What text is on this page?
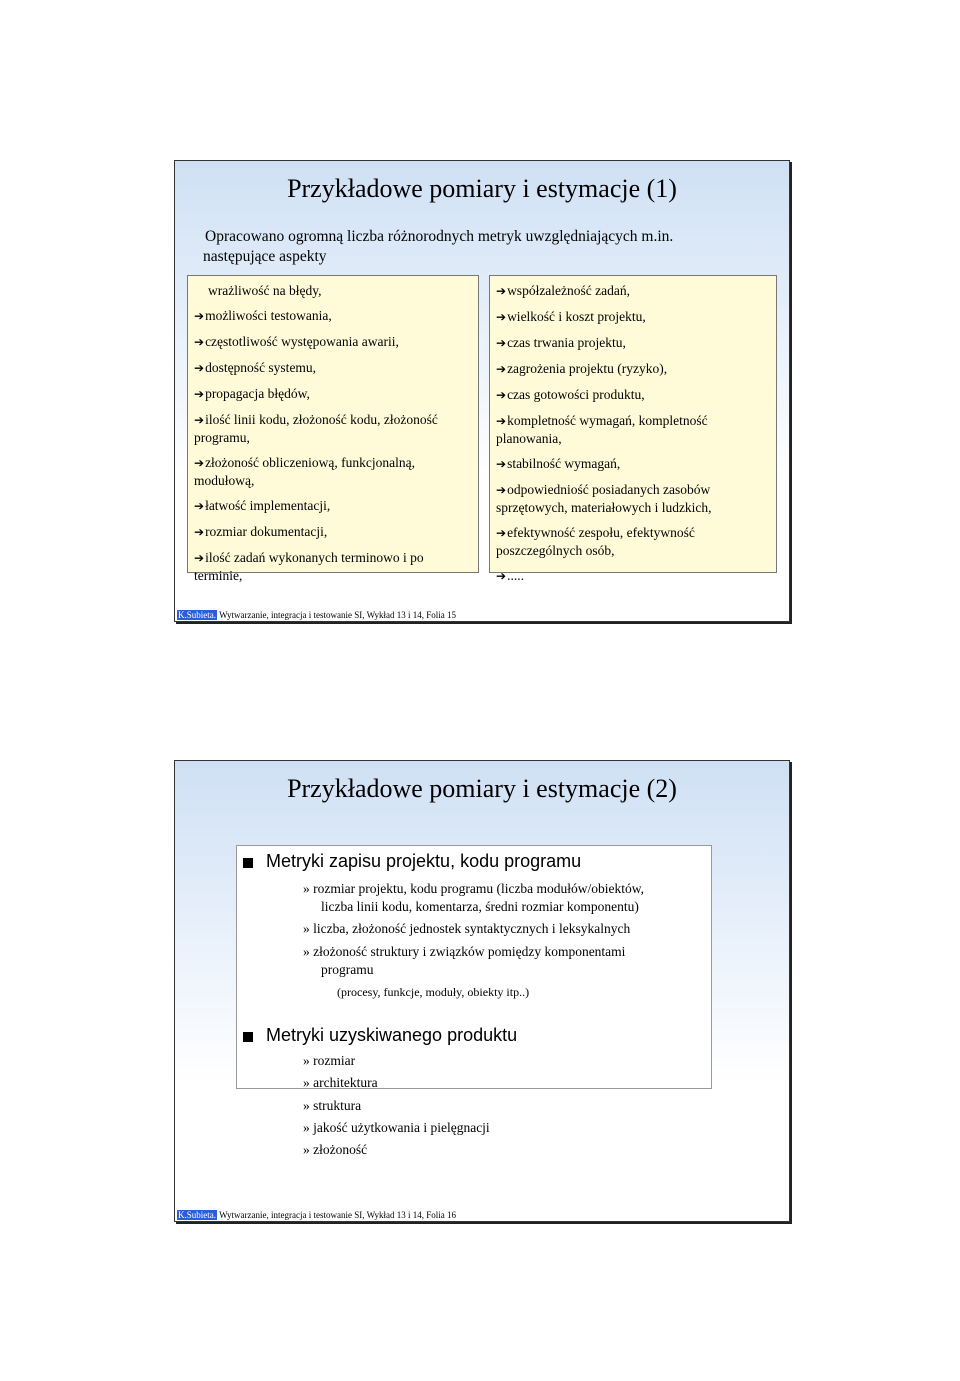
Przykładowe pomiary i estymacje (1)
Opracowano ogromną liczba różnorodnych metryk uwzględniających m.in.
następujące aspekty
wrażliwość na błędy,
➔możliwości testowania,
➔częstotliwość występowania awarii,
➔dostępność systemu,
➔propagacja błędów,
➔ilość linii kodu, złożoność kodu, złożoność programu,
➔złożoność obliczeniową, funkcjonalną, modułową,
➔łatwość implementacji,
➔rozmiar dokumentacji,
➔ilość zadań wykonanych terminowo i po terminie,
➔współzależność zadań,
➔wielkość i koszt projektu,
➔czas trwania projektu,
➔zagrożenia projektu (ryzyko),
➔czas gotowości produktu,
➔kompletność wymagań, kompletność planowania,
➔stabilność wymagań,
➔odpowiedniość posiadanych zasobów sprzętowych, materiałowych i ludzkich,
➔efektywność zespołu, efektywność poszczególnych osób,
➔.....
K.Subieta. Wytwarzanie, integracja i testowanie SI, Wykład 13 i 14, Folia 15
Przykładowe pomiary i estymacje (2)
Metryki zapisu projektu, kodu programu
» rozmiar projektu, kodu programu (liczba modułów/obiektów,
liczba linii kodu, komentarza, średni rozmiar komponentu)
» liczba, złożoność jednostek syntaktycznych i leksykalnych
» złożoność struktury i związków pomiędzy komponentami
programu
(procesy, funkcje, moduły, obiekty itp..)
Metryki uzyskiwanego produktu
» rozmiar
» architektura
» struktura
» jakość użytkowania i pielęgnacji
» złożoność
K.Subieta. Wytwarzanie, integracja i testowanie SI, Wykład 13 i 14, Folia 16
